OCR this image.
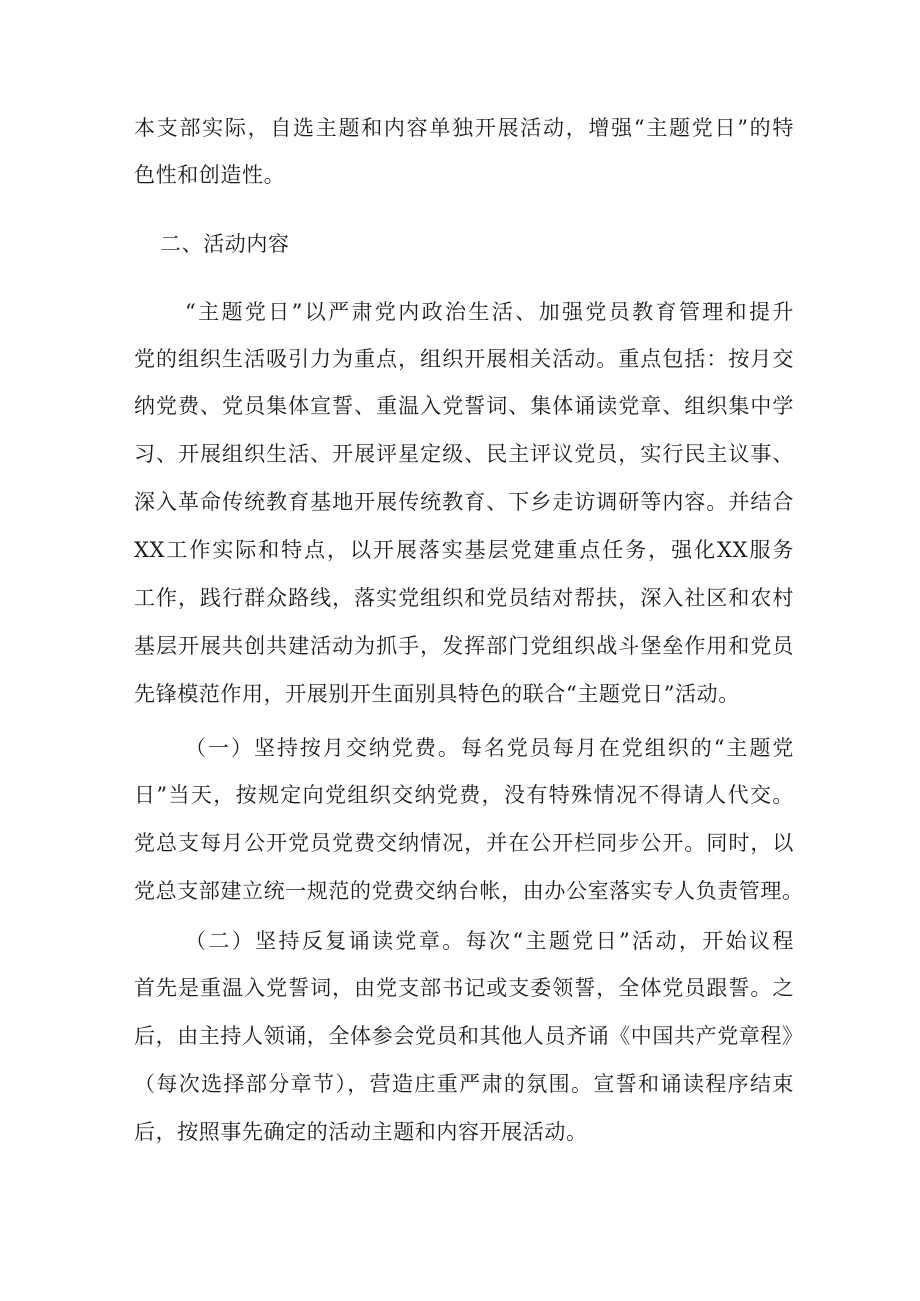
本支部实际，自选主题和内容单独开展活动，增强“主题党日”的特

色性和创造性。

二、活动内容

“主题党日”以严肃党内政治生活、加强党员教育管理和提升

党的组织生活吸引力为重点，组织开展相关活动。重点包括：按月交

纳党费、党员集体宣誓、重温入党誓词、集体诵读党章、组织集中学

习、开展组织生活、开展评星定级、民主评议党员，实行民主议事、

深入革命传统教育基地开展传统教育、下乡走访调研等内容。并结合

XX工作实际和特点，以开展落实基层党建重点任务，强化XX服务

工作，践行群众路线，落实党组织和党员结对帮扶，深入社区和农村

基层开展共创共建活动为抓手，发挥部门党组织战斗堡垒作用和党员

先锋模范作用，开展别开生面别具特色的联合“主题党日”活动。

（一）坚持按月交纳党费。每名党员每月在党组织的“主题党

日”当天，按规定向党组织交纳党费，没有特殊情况不得请人代交。

党总支每月公开党员党费交纳情况，并在公开栏同步公开。同时，以

党总支部建立统一规范的党费交纳台帐，由办公室落实专人负责管理。

（二）坚持反复诵读党章。每次“主题党日”活动，开始议程

首先是重温入党誓词，由党支部书记或支委领誓，全体党员跟誓。之

后，由主持人领诵，全体参会党员和其他人员齐诵《中国共产党章程》

（每次选择部分章节），营造庄重严肃的氛围。宣誓和诵读程序结束

后，按照事先确定的活动主题和内容开展活动。
